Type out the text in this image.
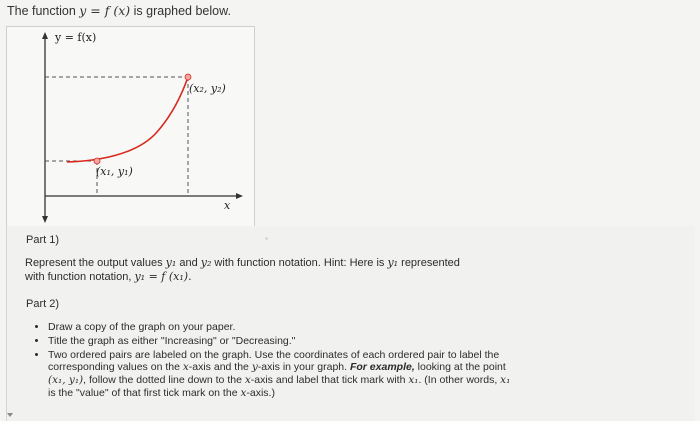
The function y = f (x) is graphed below.
y = f(x)
x
(x₁, y₁)
(x₂, y₂)
Part 1)
Represent the output values y₁ and y₂ with function notation. Hint: Here is y₁ represented
with function notation, y₁ = f (x₁).
Part 2)
• Draw a copy of the graph on your paper.
• Title the graph as either "Increasing" or "Decreasing."
• Two ordered pairs are labeled on the graph. Use the coordinates of each ordered pair to label the corresponding values on the x-axis and the y-axis in your graph. For example, looking at the point (x₁, y₁), follow the dotted line down to the x-axis and label that tick mark with x₁. (In other words, x₁ is the "value" of that first tick mark on the x-axis.)
